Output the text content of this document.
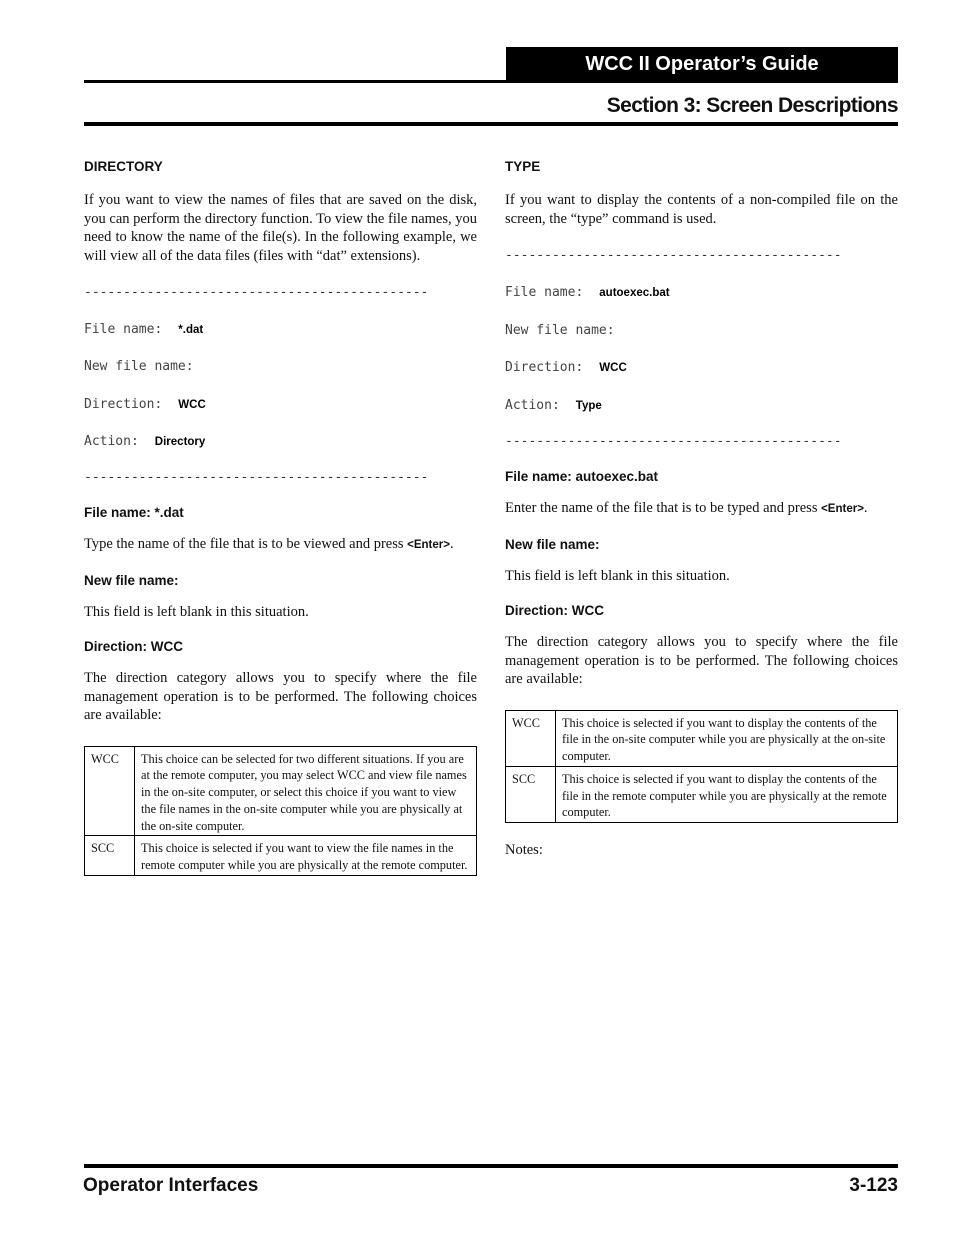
WCC II Operator’s Guide
Section 3: Screen Descriptions

DIRECTORY

If you want to view the names of files that are saved on the disk, you can perform the directory function. To view the file names, you need to know the name of the file(s). In the following example, we will view all of the data files (files with “dat” extensions).

--------------------------------------------

File name: *.dat

New file name:

Direction: WCC

Action: Directory

--------------------------------------------

File name: *.dat

Type the name of the file that is to be viewed and press <Enter>.

New file name:

This field is left blank in this situation.

Direction: WCC

The direction category allows you to specify where the file management operation is to be performed. The following choices are available:

WCC	This choice can be selected for two different situations. If you are at the remote computer, you may select WCC and view file names in the on-site computer, or select this choice if you want to view the file names in the on-site computer while you are physically at the on-site computer.
SCC	This choice is selected if you want to view the file names in the remote computer while you are physically at the remote computer.

TYPE

If you want to display the contents of a non-compiled file on the screen, the “type” command is used.

-------------------------------------------

File name: autoexec.bat

New file name:

Direction: WCC

Action: Type

-------------------------------------------

File name: autoexec.bat

Enter the name of the file that is to be typed and press <Enter>.

New file name:

This field is left blank in this situation.

Direction: WCC

The direction category allows you to specify where the file management operation is to be performed. The following choices are available:

WCC	This choice is selected if you want to display the contents of the file in the on-site computer while you are physically at the on-site computer.
SCC	This choice is selected if you want to display the contents of the file in the remote computer while you are physically at the remote computer.

Notes:

Operator Interfaces	3-123
